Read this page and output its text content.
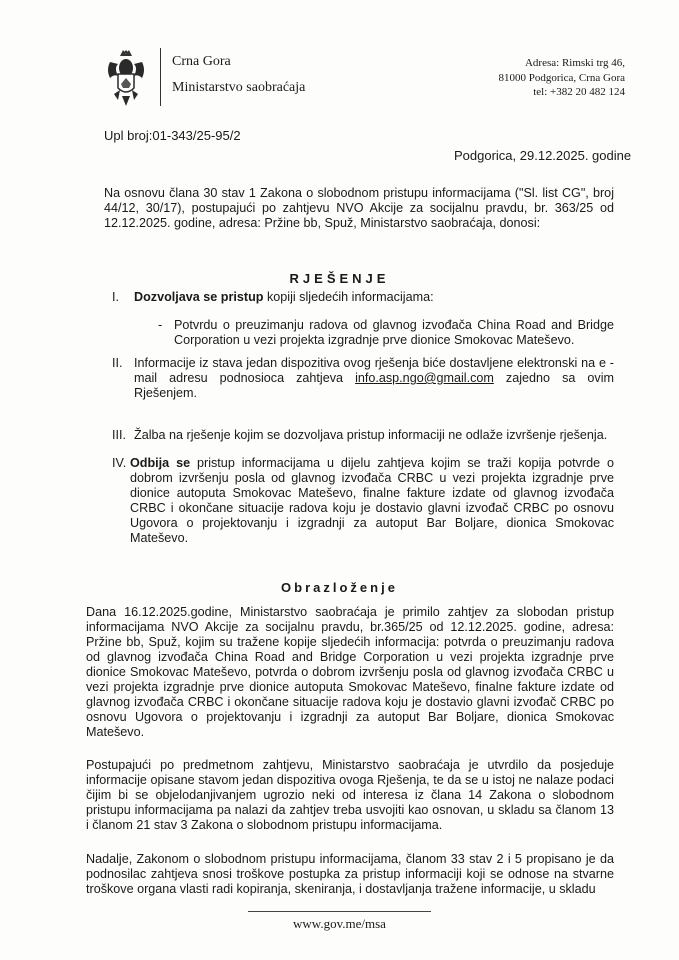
Crna Gora
Ministarstvo saobraćaja
Adresa: Rimski trg 46,
81000 Podgorica, Crna Gora
tel: +382 20 482 124
Upl broj:01-343/25-95/2
Podgorica, 29.12.2025. godine
Na osnovu člana 30 stav 1 Zakona o slobodnom pristupu informacijama ("Sl. list CG", broj 44/12, 30/17), postupajući po zahtjevu NVO Akcije za socijalnu pravdu, br. 363/25 od 12.12.2025. godine, adresa: Pržine bb, Spuž, Ministarstvo saobraćaja, donosi:
RJEŠENJE
I. Dozvoljava se pristup kopiji sljedećih informacijama:
- Potvrdu o preuzimanju radova od glavnog izvođača China Road and Bridge Corporation u vezi projekta izgradnje prve dionice Smokovac Mateševo.
II. Informacije iz stava jedan dispozitiva ovog rješenja biće dostavljene elektronski na e - mail adresu podnosioca zahtjeva info.asp.ngo@gmail.com zajedno sa ovim Rješenjem.
III. Žalba na rješenje kojim se dozvoljava pristup informaciji ne odlaže izvršenje rješenja.
IV. Odbija se pristup informacijama u dijelu zahtjeva kojim se traži kopija potvrde o dobrom izvršenju posla od glavnog izvođača CRBC u vezi projekta izgradnje prve dionice autoputa Smokovac Mateševo, finalne fakture izdate od glavnog izvođača CRBC i okončane situacije radova koju je dostavio glavni izvođač CRBC po osnovu Ugovora o projektovanju i izgradnji za autoput Bar Boljare, dionica Smokovac Mateševo.
Obrazloženje
Dana 16.12.2025.godine, Ministarstvo saobraćaja je primilo zahtjev za slobodan pristup informacijama NVO Akcije za socijalnu pravdu, br.365/25 od 12.12.2025. godine, adresa: Pržine bb, Spuž, kojim su tražene kopije sljedećih informacija: potvrda o preuzimanju radova od glavnog izvođača China Road and Bridge Corporation u vezi projekta izgradnje prve dionice Smokovac Mateševo, potvrda o dobrom izvršenju posla od glavnog izvođača CRBC u vezi projekta izgradnje prve dionice autoputa Smokovac Mateševo, finalne fakture izdate od glavnog izvođača CRBC i okončane situacije radova koju je dostavio glavni izvođač CRBC po osnovu Ugovora o projektovanju i izgradnji za autoput Bar Boljare, dionica Smokovac Mateševo.
Postupajući po predmetnom zahtjevu, Ministarstvo saobraćaja je utvrdilo da posjeduje informacije opisane stavom jedan dispozitiva ovoga Rješenja, te da se u istoj ne nalaze podaci čijim bi se objelodanjivanjem ugrozio neki od interesa iz člana 14 Zakona o slobodnom pristupu informacijama pa nalazi da zahtjev treba usvojiti kao osnovan, u skladu sa članom 13 i članom 21 stav 3 Zakona o slobodnom pristupu informacijama.
Nadalje, Zakonom o slobodnom pristupu informacijama, članom 33 stav 2 i 5 propisano je da podnosilac zahtjeva snosi troškove postupka za pristup informaciji koji se odnose na stvarne troškove organa vlasti radi kopiranja, skeniranja, i dostavljanja tražene informacije, u skladu
www.gov.me/msa
